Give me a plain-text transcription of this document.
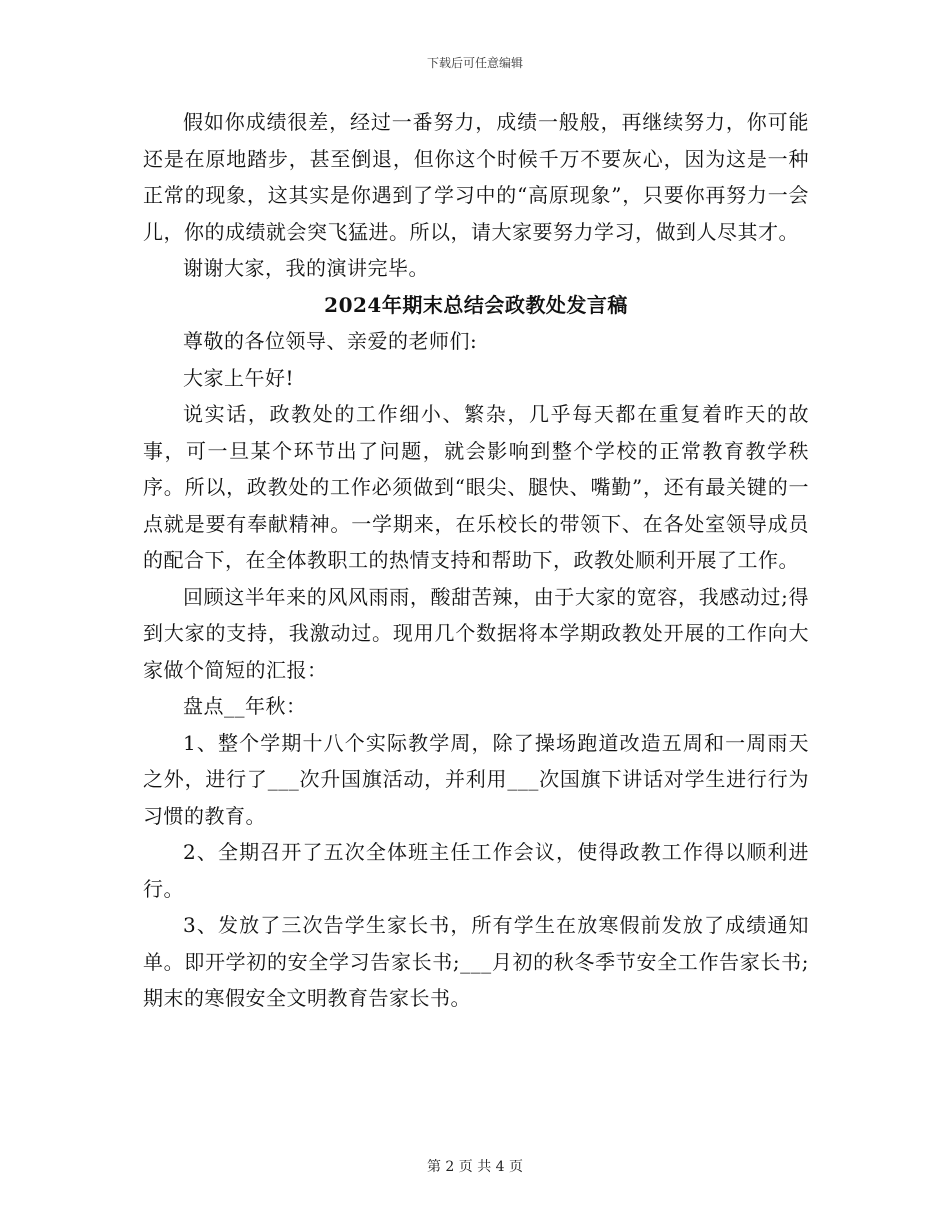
下载后可任意编辑

假如你成绩很差，经过一番努力，成绩一般般，再继续努力，你可能还是在原地踏步，甚至倒退，但你这个时候千万不要灰心，因为这是一种正常的现象，这其实是你遇到了学习中的“高原现象”，只要你再努力一会儿，你的成绩就会突飞猛进。所以，请大家要努力学习，做到人尽其才。

谢谢大家，我的演讲完毕。

2024年期末总结会政教处发言稿

尊敬的各位领导、亲爱的老师们:

大家上午好!

说实话，政教处的工作细小、繁杂，几乎每天都在重复着昨天的故事，可一旦某个环节出了问题，就会影响到整个学校的正常教育教学秩序。所以，政教处的工作必须做到“眼尖、腿快、嘴勤”，还有最关键的一点就是要有奉献精神。一学期来，在乐校长的带领下、在各处室领导成员的配合下，在全体教职工的热情支持和帮助下，政教处顺利开展了工作。

回顾这半年来的风风雨雨，酸甜苦辣，由于大家的宽容，我感动过;得到大家的支持，我激动过。现用几个数据将本学期政教处开展的工作向大家做个简短的汇报：

盘点__年秋：

1、整个学期十八个实际教学周，除了操场跑道改造五周和一周雨天之外，进行了___次升国旗活动，并利用___次国旗下讲话对学生进行行为习惯的教育。

2、全期召开了五次全体班主任工作会议，使得政教工作得以顺利进行。

3、发放了三次告学生家长书，所有学生在放寒假前发放了成绩通知单。即开学初的安全学习告家长书;___月初的秋冬季节安全工作告家长书;期末的寒假安全文明教育告家长书。

第 2 页 共 4 页
